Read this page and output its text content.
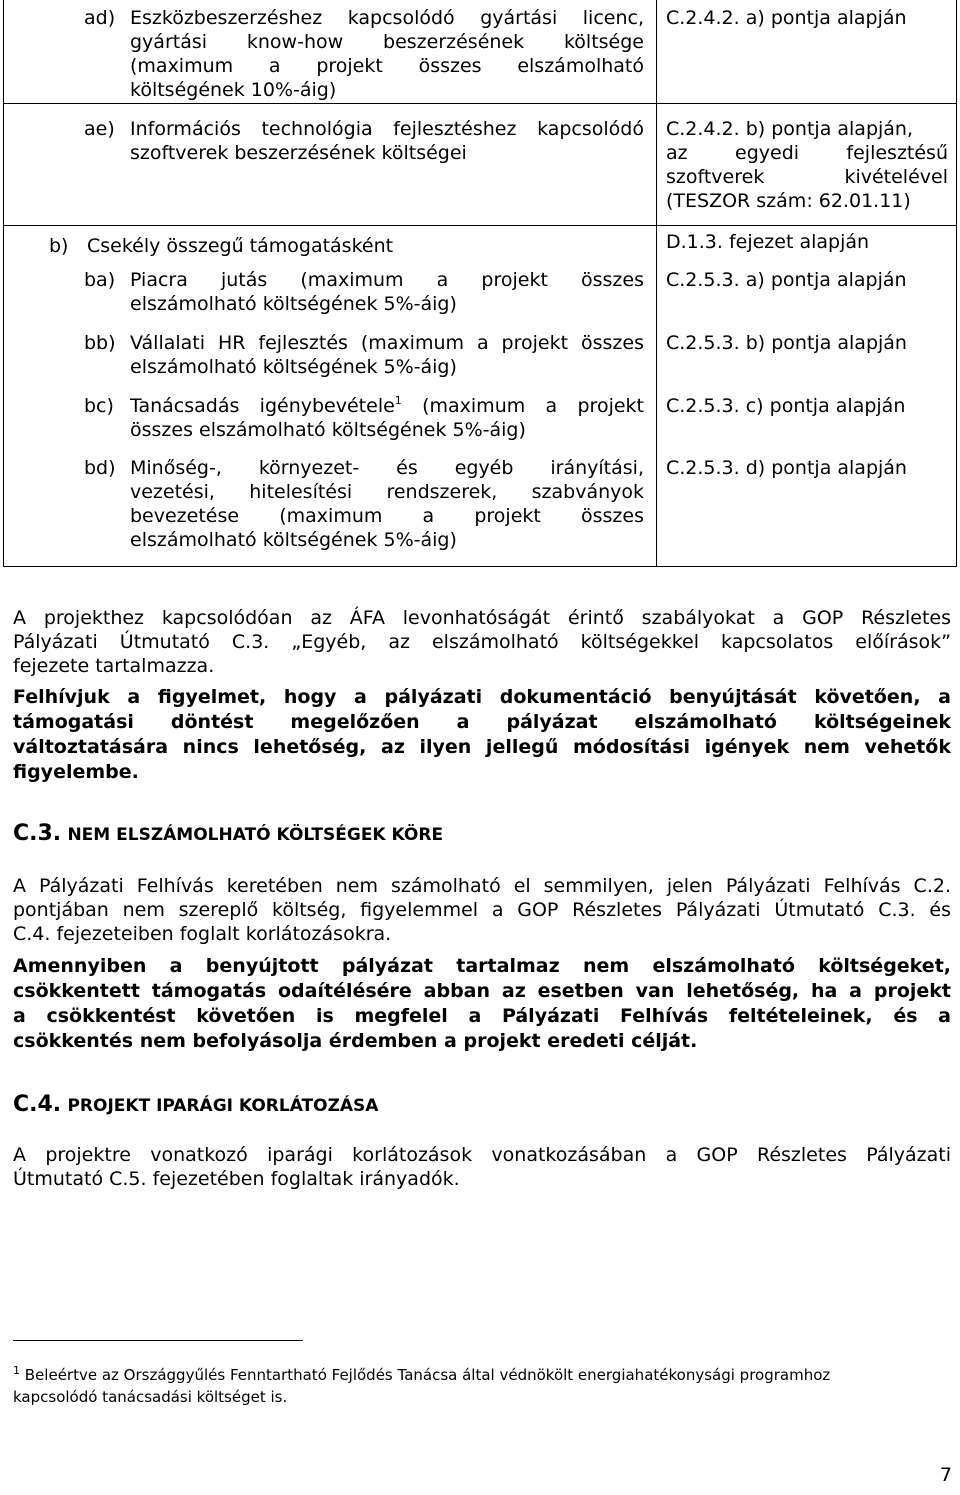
ad) Eszközbeszerzéshez kapcsolódó gyártási licenc,
gyártási know-how beszerzésének költsége
(maximum a projekt összes elszámolható
költségének 10%-áig)
C.2.4.2. a) pontja alapján
ae) Információs technológia fejlesztéshez kapcsolódó
szoftverek beszerzésének költségei
C.2.4.2. b) pontja alapján,
az egyedi fejlesztésű
szoftverek kivételével
(TESZOR szám: 62.01.11)
b) Csekély összegű támogatásként	D.1.3. fejezet alapján
ba) Piacra jutás (maximum a projekt összes
elszámolható költségének 5%-áig)
C.2.5.3. a) pontja alapján
bb) Vállalati HR fejlesztés (maximum a projekt összes
elszámolható költségének 5%-áig)
C.2.5.3. b) pontja alapján
bc) Tanácsadás igénybevétele$^1$ (maximum a projekt
összes elszámolható költségének 5%-áig)
C.2.5.3. c) pontja alapján
bd) Minőség-, környezet- és egyéb irányítási,
vezetési, hitelesítési rendszerek, szabványok
bevezetése (maximum a projekt összes
elszámolható költségének 5%-áig)
C.2.5.3. d) pontja alapján
A projekthez kapcsolódóan az ÁFA levonhatóságát érintő szabályokat a GOP Részletes
Pályázati Útmutató C.3. „Egyéb, az elszámolható költségekkel kapcsolatos előírások”
fejezete tartalmazza.
Felhívjuk a figyelmet, hogy a pályázati dokumentáció benyújtását követően, a
támogatási döntést megelőzően a pályázat elszámolható költségeinek
változtatására nincs lehetőség, az ilyen jellegű módosítási igények nem vehetők
figyelembe.
C.3. NEM ELSZÁMOLHATÓ KÖLTSÉGEK KÖRE
A Pályázati Felhívás keretében nem számolható el semmilyen, jelen Pályázati Felhívás C.2.
pontjában nem szereplő költség, figyelemmel a GOP Részletes Pályázati Útmutató C.3. és
C.4. fejezeteiben foglalt korlátozásokra.
Amennyiben a benyújtott pályázat tartalmaz nem elszámolható költségeket,
csökkentett támogatás odaítélésére abban az esetben van lehetőség, ha a projekt
a csökkentést követően is megfelel a Pályázati Felhívás feltételeinek, és a
csökkentés nem befolyásolja érdemben a projekt eredeti célját.
C.4. PROJEKT IPARÁGI KORLÁTOZÁSA
A projektre vonatkozó iparági korlátozások vonatkozásában a GOP Részletes Pályázati
Útmutató C.5. fejezetében foglaltak irányadók.
$^1$ Beleértve az Országgyűlés Fenntartható Fejlődés Tanácsa által védnökölt energiahatékonysági programhoz
kapcsolódó tanácsadási költséget is.
7
